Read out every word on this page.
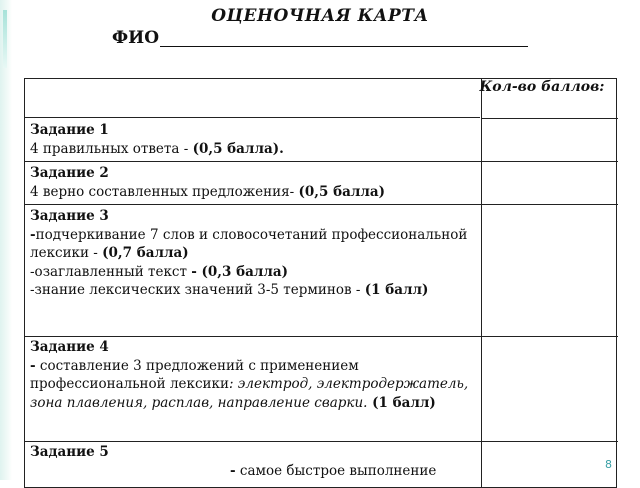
ОЦЕНОЧНАЯ КАРТА
ФИО
Кол-во баллов:
Задание 1
4 правильных ответа - (0,5 балла).
Задание 2
4 верно составленных предложения- (0,5 балла)
Задание 3
-подчеркивание 7 слов и словосочетаний профессиональной лексики - (0,7 балла)
-озаглавленный текст - (0,3 балла)
-знание лексических значений 3-5 терминов - (1 балл)
Задание 4
- составление 3 предложений с применением профессиональной лексики: электрод, электродержатель, зона плавления, расплав, направление сварки. (1 балл)
Задание 5
- самое быстрое выполнение	8
